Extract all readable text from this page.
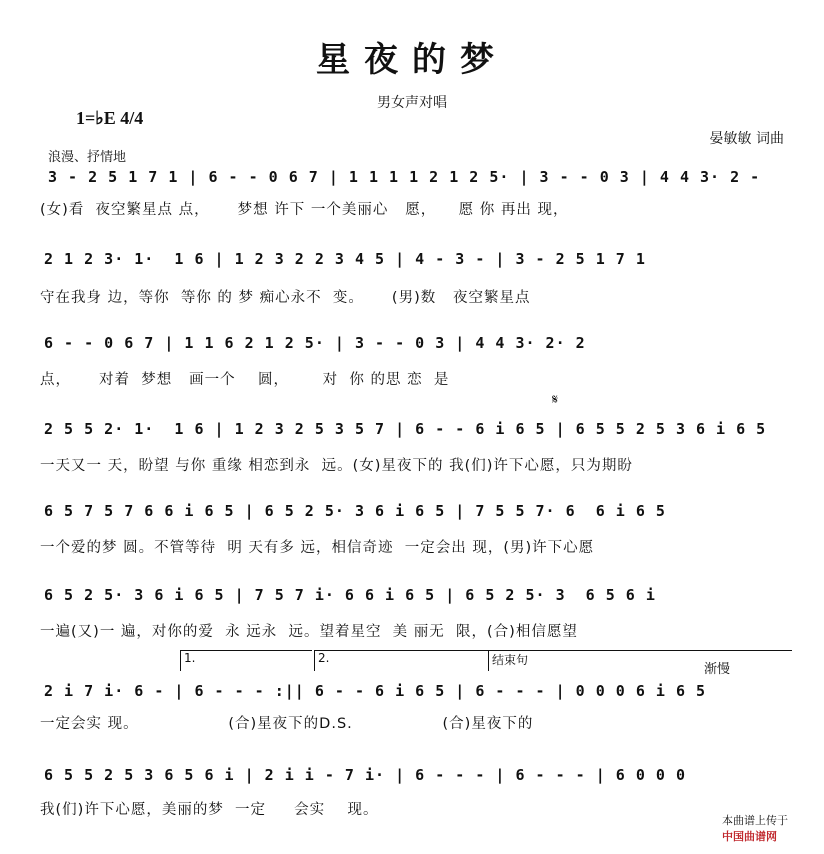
星夜的梦
男女声对唱
1=♭E 4/4
浪漫、抒情地
晏敏敏 词曲
3 - 2 5 1 7 1 | 6 - - 0 6 7 | 1 1 1 1 2 1 2 5· | 3 - - 0 3 | 4 4 3· 2 -
(女)看  夜空繁星点 点，     梦想 许下 一个美丽心   愿，    愿 你 再出 现，
2 1 2 3· 1·  1 6 | 1 2 3 2 2 3 4 5 | 4 - 3 - | 3 - 2 5 1 7 1
守在我身 边，等你  等你 的 梦 痴心永不  变。     (男)数   夜空繁星点
6 - - 0 6 7 | 1 1 6 2 1 2 5· | 3 - - 0 3 | 4 4 3· 2· 2
点，     对着  梦想   画一个    圆，      对  你 的思 恋  是
𝄋
2 5 5 2· 1·  1 6 | 1 2 3 2 5 3 5 7 | 6 - - 6 i 6 5 | 6 5 5 2 5 3 6 i 6 5
一天又一 天，盼望 与你 重缘 相恋到永  远。(女)星夜下的 我(们)许下心愿，只为期盼
6 5 7 5 7 6 6 i 6 5 | 6 5 2 5· 3 6 i 6 5 | 7 5 5 7· 6  6 i 6 5
一个爱的梦 圆。不管等待  明 天有多 远，相信奇迹  一定会出 现，(男)许下心愿
6 5 2 5· 3 6 i 6 5 | 7 5 7 i· 6 6 i 6 5 | 6 5 2 5· 3  6 5 6 i
一遍(又)一 遍，对你的爱  永 远永  远。望着星空  美 丽无  限，(合)相信愿望
1.	2.	结束句
渐慢
2 i 7 i· 6 - | 6 - - - :|| 6 - - 6 i 6 5 | 6 - - - | 0 0 0 6 i 6 5
一定会实 现。                (合)星夜下的D.S.                (合)星夜下的
6 5 5 2 5 3 6 5 6 i | 2 i i - 7 i· | 6 - - - | 6 - - - | 6 0 0 0
我(们)许下心愿，美丽的梦  一定     会实    现。

本曲谱上传于
中国曲谱网
